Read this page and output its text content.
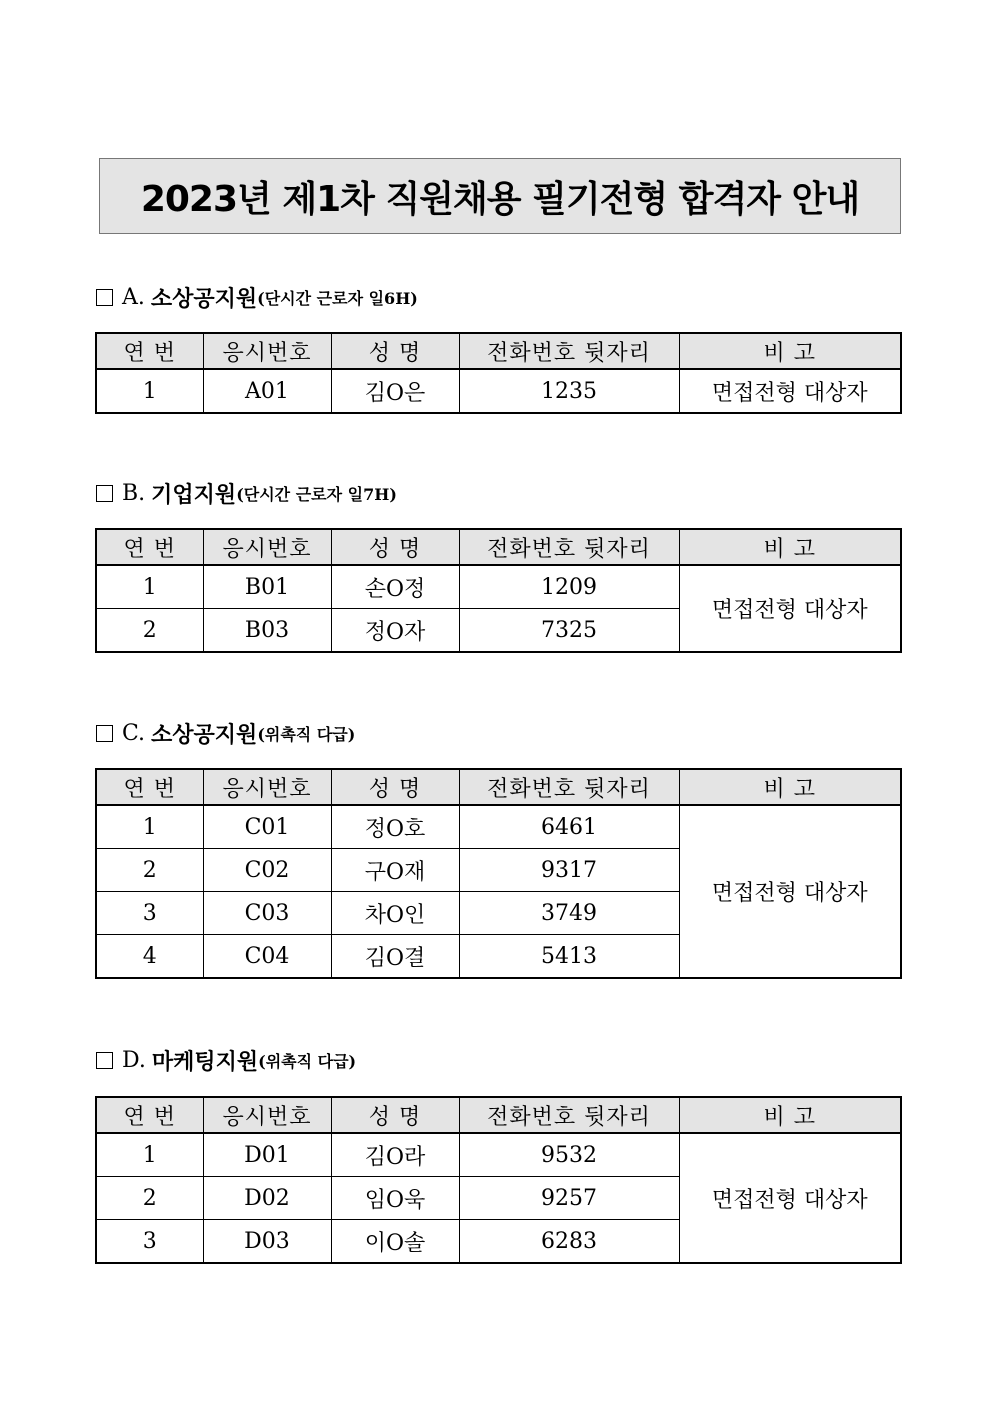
2023년 제1차 직원채용 필기전형 합격자 안내
A. 소상공지원 (단시간 근로자 일6H)
연 번	응시번호	성 명	전화번호 뒷자리	비 고
1	A01	김O은	1235	면접전형 대상자
B. 기업지원 (단시간 근로자 일7H)
연 번	응시번호	성 명	전화번호 뒷자리	비 고
1	B01	손O정	1209	면접전형 대상자
2	B03	정O자	7325	
C. 소상공지원 (위촉직 다급)
연 번	응시번호	성 명	전화번호 뒷자리	비 고
1	C01	정O호	6461	면접전형 대상자
2	C02	구O재	9317	
3	C03	차O인	3749	
4	C04	김O결	5413	
D. 마케팅지원 (위촉직 다급)
연 번	응시번호	성 명	전화번호 뒷자리	비 고
1	D01	김O라	9532	면접전형 대상자
2	D02	임O욱	9257	
3	D03	이O솔	6283	
